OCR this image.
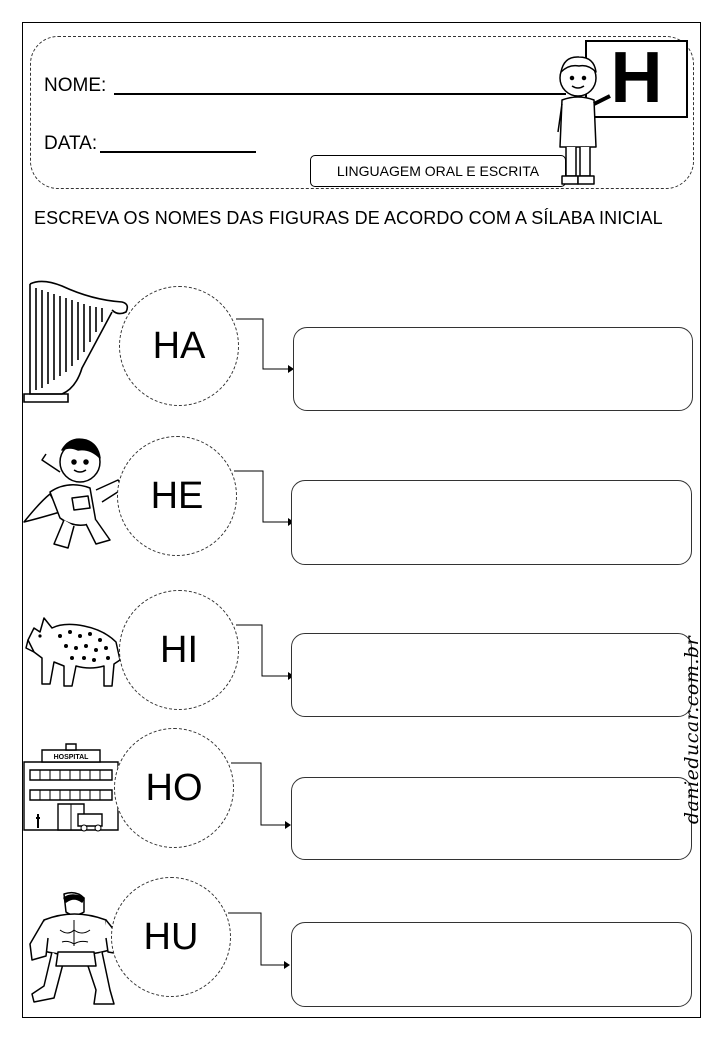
NOME:
DATA:
LINGUAGEM ORAL E ESCRITA
H
ESCREVA OS NOMES DAS FIGURAS DE ACORDO COM A SÍLABA INICIAL
HA
HE
HI
HOSPITAL
HO
HU
danieducar.com.br
